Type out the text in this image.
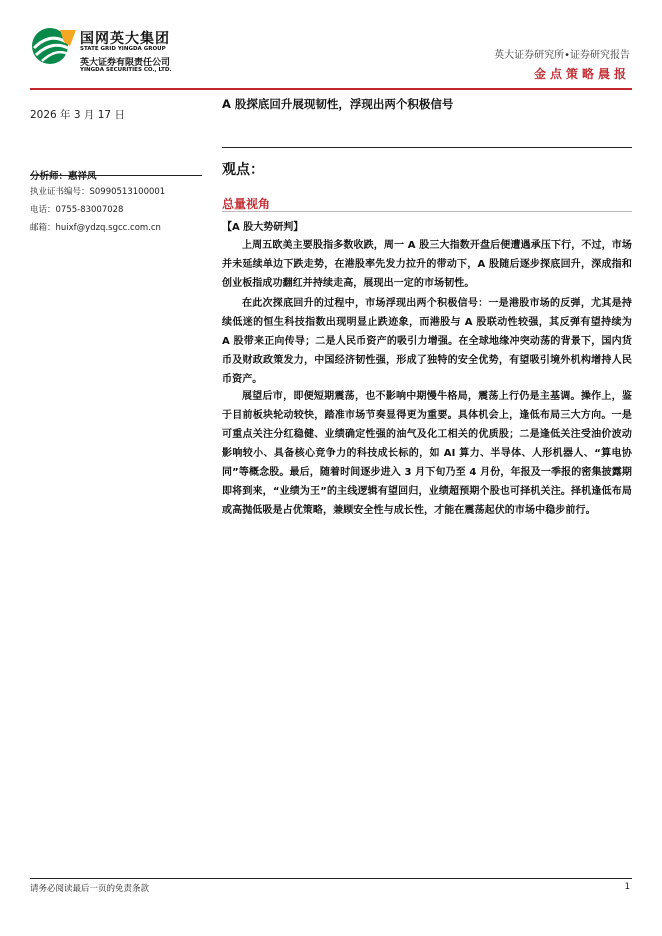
国网英大集团
STATE GRID YINGDA GROUP
英大证券有限责任公司
YINGDA SECURITIES CO., LTD.
英大证券研究所•证券研究报告
金点策略晨报
2026 年 3 月 17 日
A 股探底回升展现韧性，浮现出两个积极信号
分析师：惠祥凤
执业证书编号：S0990513100001
电话：0755-83007028
邮箱：huixf@ydzq.sgcc.com.cn
观点：
总量视角
【A 股大势研判】
上周五欧美主要股指多数收跌，周一 A 股三大指数开盘后便遭遇承压下行，不过，市场并未延续单边下跌走势，在港股率先发力拉升的带动下，A 股随后逐步探底回升，深成指和创业板指成功翻红并持续走高，展现出一定的市场韧性。
在此次探底回升的过程中，市场浮现出两个积极信号：一是港股市场的反弹，尤其是持续低迷的恒生科技指数出现明显止跌迹象，而港股与 A 股联动性较强，其反弹有望持续为 A 股带来正向传导；二是人民币资产的吸引力增强。在全球地缘冲突动荡的背景下，国内货币及财政政策发力，中国经济韧性强，形成了独特的安全优势，有望吸引境外机构增持人民币资产。
展望后市，即便短期震荡，也不影响中期慢牛格局，震荡上行仍是主基调。操作上，鉴于目前板块轮动较快，踏准市场节奏显得更为重要。具体机会上，逢低布局三大方向。一是可重点关注分红稳健、业绩确定性强的油气及化工相关的优质股；二是逢低关注受油价波动影响较小、具备核心竞争力的科技成长标的，如 AI 算力、半导体、人形机器人、“算电协同”等概念股。最后，随着时间逐步进入 3 月下旬乃至 4 月份，年报及一季报的密集披露期即将到来，“业绩为王”的主线逻辑有望回归，业绩超预期个股也可择机关注。择机逢低布局或高抛低吸是占优策略，兼顾安全性与成长性，才能在震荡起伏的市场中稳步前行。
请务必阅读最后一页的免责条款	1
